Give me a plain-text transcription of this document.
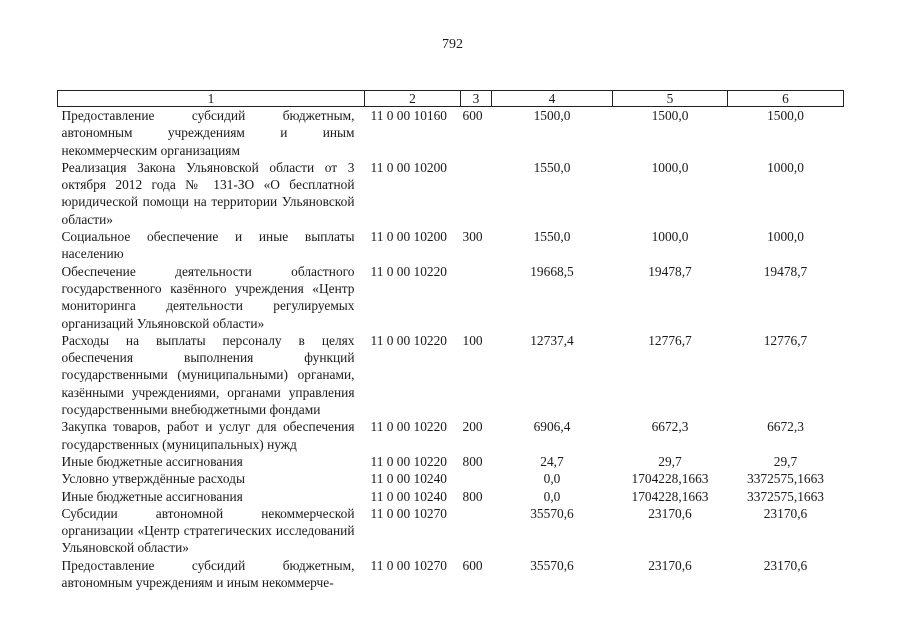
792
1	2	3	4	5	6
Предоставление субсидий бюджетным, автономным учреждениям и иным некоммерческим организациям	11 0 00 10160	600	1500,0	1500,0	1500,0
Реализация Закона Ульяновской области от 3 октября 2012 года № 131-ЗО «О бесплатной юридической помощи на территории Ульяновской области»	11 0 00 10200		1550,0	1000,0	1000,0
Социальное обеспечение и иные выплаты населению	11 0 00 10200	300	1550,0	1000,0	1000,0
Обеспечение деятельности областного государственного казённого учреждения «Центр мониторинга деятельности регулируемых организаций Ульяновской области»	11 0 00 10220		19668,5	19478,7	19478,7
Расходы на выплаты персоналу в целях обеспечения выполнения функций государственными (муниципальными) органами, казёнными учреждениями, органами управления государственными внебюджетными фондами	11 0 00 10220	100	12737,4	12776,7	12776,7
Закупка товаров, работ и услуг для обеспечения государственных (муниципальных) нужд	11 0 00 10220	200	6906,4	6672,3	6672,3
Иные бюджетные ассигнования	11 0 00 10220	800	24,7	29,7	29,7
Условно утверждённые расходы	11 0 00 10240		0,0	1704228,1663	3372575,1663
Иные бюджетные ассигнования	11 0 00 10240	800	0,0	1704228,1663	3372575,1663
Субсидии автономной некоммерческой организации «Центр стратегических исследований Ульяновской области»	11 0 00 10270		35570,6	23170,6	23170,6
Предоставление субсидий бюджетным, автономным учреждениям и иным некоммерче-	11 0 00 10270	600	35570,6	23170,6	23170,6
